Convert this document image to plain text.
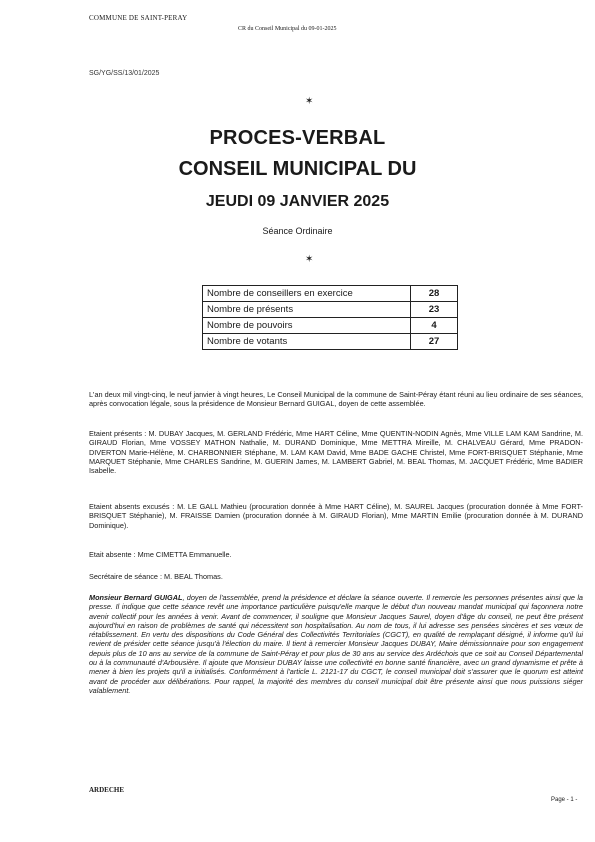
COMMUNE DE SAINT-PERAY
CR du Conseil Municipal du 09-01-2025
SG/YG/SS/13/01/2025
✶
PROCES-VERBAL
CONSEIL MUNICIPAL DU
JEUDI 09 JANVIER 2025
Séance Ordinaire
✶
Nombre de conseillers en exercice	28
Nombre de présents	23
Nombre de pouvoirs	4
Nombre de votants	27
L'an deux mil vingt-cinq, le neuf janvier à vingt heures, Le Conseil Municipal de la commune de Saint-Péray étant réuni au lieu ordinaire de ses séances, après convocation légale, sous la présidence de Monsieur Bernard GUIGAL, doyen de cette assemblée.
Etaient présents : M. DUBAY Jacques, M. GERLAND Frédéric, Mme HART Céline, Mme QUENTIN-NODIN Agnès, Mme VILLE LAM KAM Sandrine, M. GIRAUD Florian, Mme VOSSEY MATHON Nathalie, M. DURAND Dominique, Mme METTRA Mireille, M. CHALVEAU Gérard, Mme PRADON-DIVERTON Marie-Hélène, M. CHARBONNIER Stéphane, M. LAM KAM David, Mme BADE GACHE Christel, Mme FORT-BRISQUET Stéphanie, Mme MARQUET Stéphanie, Mme CHARLES Sandrine, M. GUERIN James, M. LAMBERT Gabriel, M. BEAL Thomas, M. JACQUET Frédéric, Mme BADIER Isabelle.
Etaient absents excusés : M. LE GALL Mathieu (procuration donnée à Mme HART Céline), M. SAUREL Jacques (procuration donnée à Mme FORT-BRISQUET Stéphanie), M. FRAISSE Damien (procuration donnée à M. GIRAUD Florian), Mme MARTIN Emilie (procuration donnée à M. DURAND Dominique).
Etait absente : Mme CIMETTA Emmanuelle.
Secrétaire de séance : M. BEAL Thomas.
Monsieur Bernard GUIGAL, doyen de l'assemblée, prend la présidence et déclare la séance ouverte. Il remercie les personnes présentes ainsi que la presse. Il indique que cette séance revêt une importance particulière puisqu'elle marque le début d'un nouveau mandat municipal qui façonnera notre avenir collectif pour les années à venir. Avant de commencer, il souligne que Monsieur Jacques Saurel, doyen d'âge du conseil, ne peut être présent aujourd'hui en raison de problèmes de santé qui nécessitent son hospitalisation. Au nom de tous, il lui adresse ses pensées sincères et ses vœux de rétablissement. En vertu des dispositions du Code Général des Collectivités Territoriales (CGCT), en qualité de remplaçant désigné, il informe qu'il lui revient de présider cette séance jusqu'à l'élection du maire. Il tient à remercier Monsieur Jacques DUBAY, Maire démissionnaire pour son engagement depuis plus de 10 ans au service de la commune de Saint-Péray et pour plus de 30 ans au service des Ardéchois que ce soit au Conseil Départemental ou à la communauté d'Arbousière. Il ajoute que Monsieur DUBAY laisse une collectivité en bonne santé financière, avec un grand dynamisme et prête à mener à bien les projets qu'il a initialisés. Conformément à l'article L. 2121-17 du CGCT, le conseil municipal doit s'assurer que le quorum est atteint avant de procéder aux délibérations. Pour rappel, la majorité des membres du conseil municipal doit être présente ainsi que nous puissions siéger valablement.
ARDECHE
Page - 1 -
